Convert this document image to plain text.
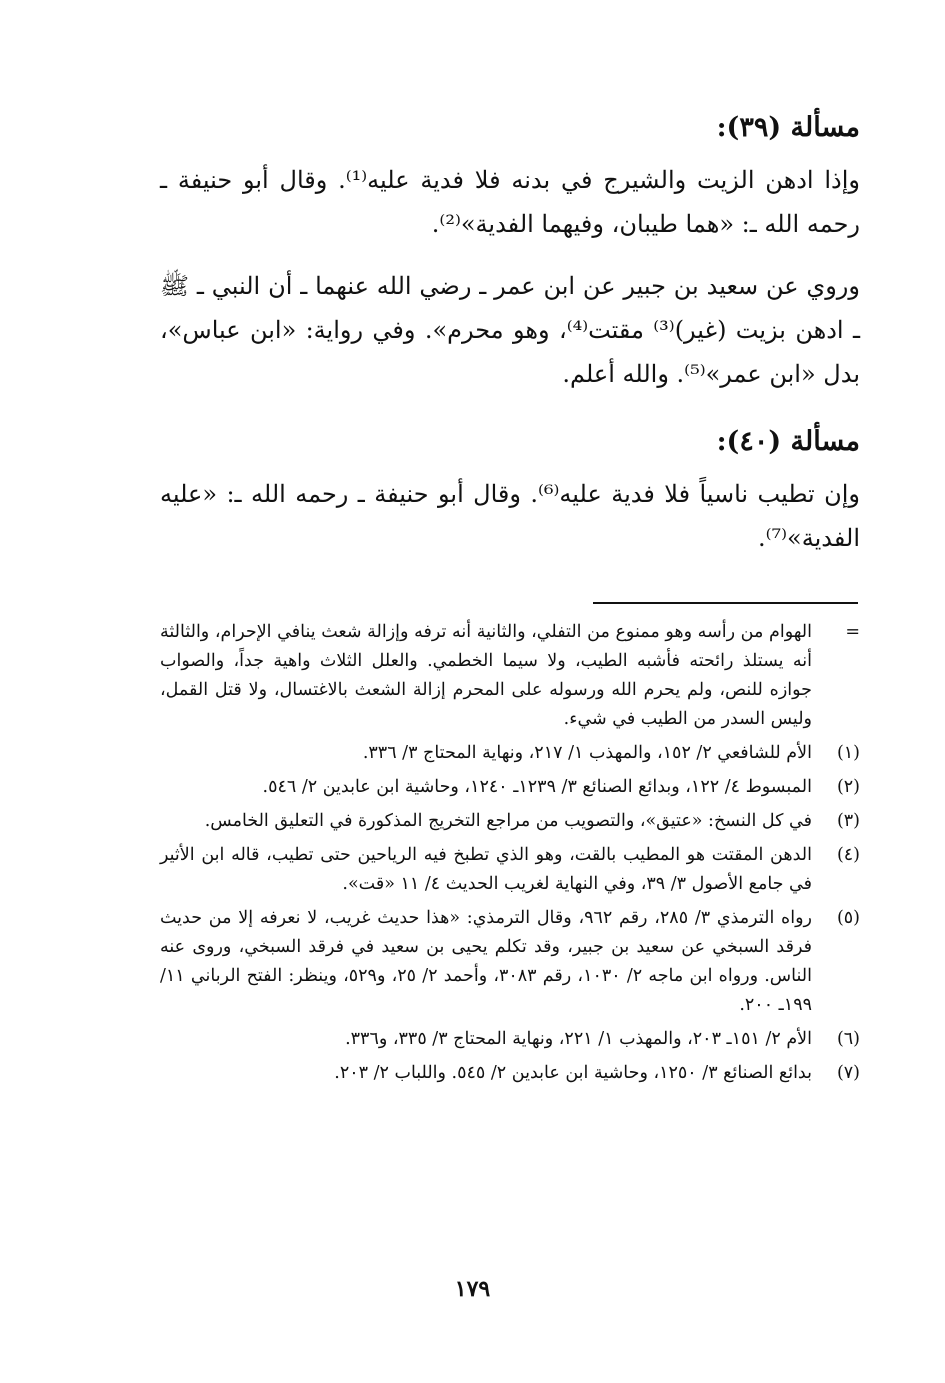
مسألة (٣٩):

وإذا ادهن الزيت والشيرج في بدنه فلا فدية عليه⁽¹⁾. وقال أبو حنيفة ـ رحمه الله ـ: «هما طيبان، وفيهما الفدية»⁽²⁾.

وروي عن سعيد بن جبير عن ابن عمر ـ رضي الله عنهما ـ أن النبي ـ ﷺ ـ ادهن بزيت (غير)⁽³⁾ مقتت⁽⁴⁾، وهو محرم». وفي رواية: «ابن عباس»، بدل «ابن عمر»⁽⁵⁾. والله أعلم.

مسألة (٤٠):

وإن تطيب ناسياً فلا فدية عليه⁽⁶⁾. وقال أبو حنيفة ـ رحمه الله ـ: «عليه الفدية»⁽⁷⁾.

=
الهوام من رأسه وهو ممنوع من التفلي، والثانية أنه ترفه وإزالة شعث ينافي الإحرام، والثالثة أنه يستلذ رائحته فأشبه الطيب، ولا سيما الخطمي. والعلل الثلاث واهية جداً، والصواب جوازه للنص، ولم يحرم الله ورسوله على المحرم إزالة الشعث بالاغتسال، ولا قتل القمل، وليس السدر من الطيب في شيء.
(١)
الأم للشافعي ٢/ ١٥٢، والمهذب ١/ ٢١٧، ونهاية المحتاج ٣/ ٣٣٦.
(٢)
المبسوط ٤/ ١٢٢، وبدائع الصنائع ٣/ ١٢٣٩ـ ١٢٤٠، وحاشية ابن عابدين ٢/ ٥٤٦.
(٣)
في كل النسخ: «عتيق»، والتصويب من مراجع التخريج المذكورة في التعليق الخامس.
(٤)
الدهن المقتت هو المطيب بالقت، وهو الذي تطبخ فيه الرياحين حتى تطيب، قاله ابن الأثير في جامع الأصول ٣/ ٣٩، وفي النهاية لغريب الحديث ٤/ ١١ «قت».
(٥)
رواه الترمذي ٣/ ٢٨٥، رقم ٩٦٢، وقال الترمذي: «هذا حديث غريب، لا نعرفه إلا من حديث فرقد السبخي عن سعيد بن جبير، وقد تكلم يحيى بن سعيد في فرقد السبخي، وروى عنه الناس. ورواه ابن ماجه ٢/ ١٠٣٠، رقم ٣٠٨٣، وأحمد ٢/ ٢٥، و٥٢٩، وينظر: الفتح الرباني ١١/ ١٩٩ـ ٢٠٠.
(٦)
الأم ٢/ ١٥١ـ ٢٠٣، والمهذب ١/ ٢٢١، ونهاية المحتاج ٣/ ٣٣٥، و٣٣٦.
(٧)
بدائع الصنائع ٣/ ١٢٥٠، وحاشية ابن عابدين ٢/ ٥٤٥. واللباب ٢/ ٢٠٣.
١٧٩
